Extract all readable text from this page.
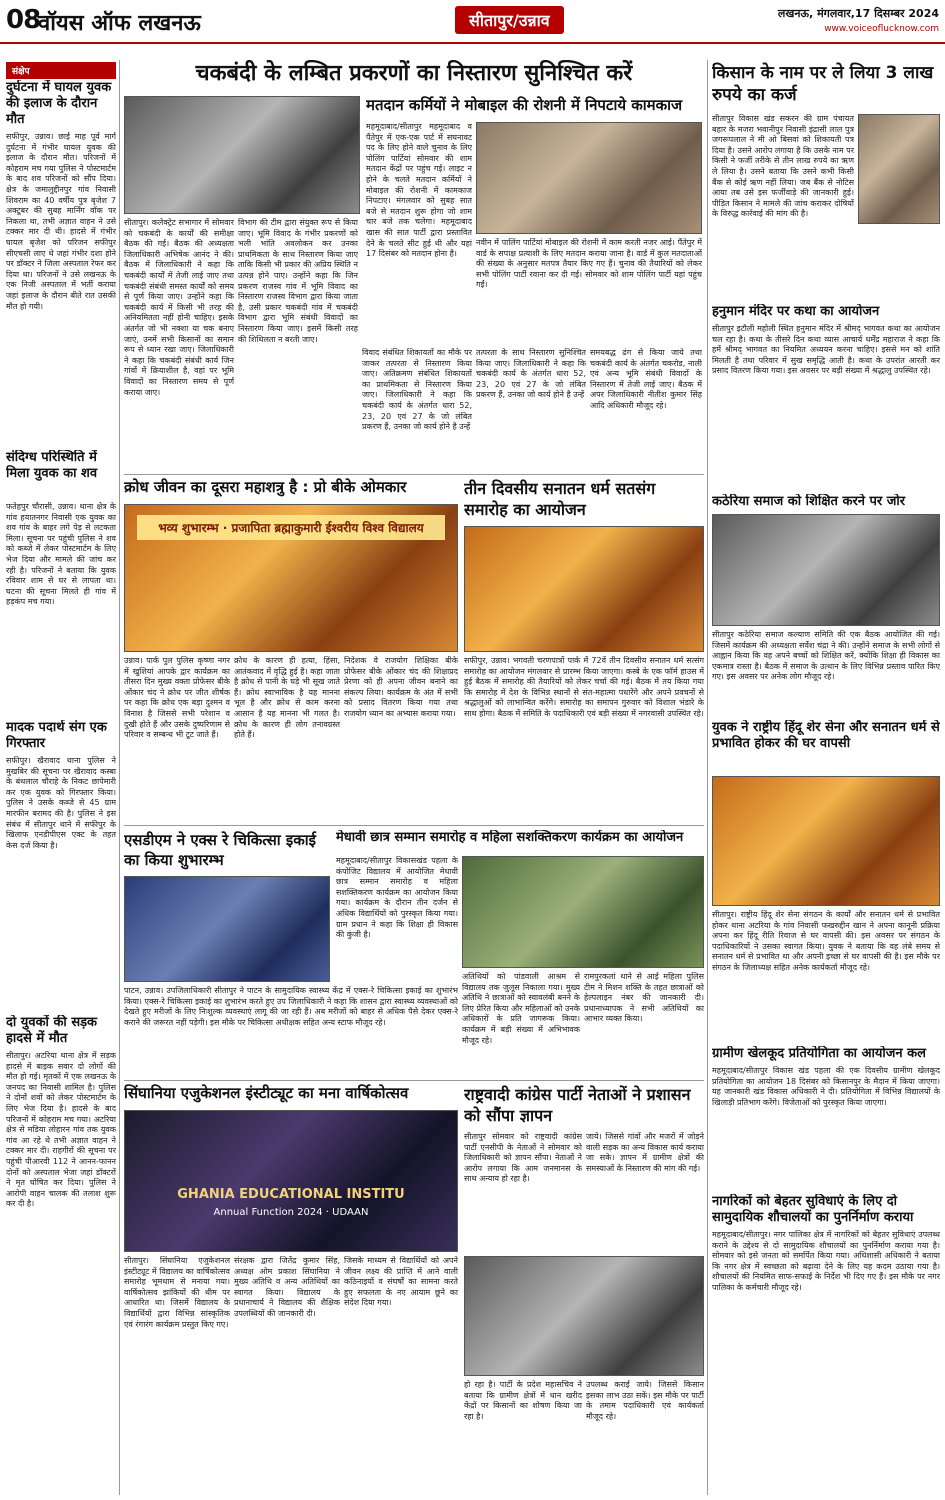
08
वॉयस ऑफ लखनऊ	सीतापुर/उन्नाव	लखनऊ, मंगलवार,17 दिसम्बर 2024
www.voiceoflucknow.com
संक्षेप
दुर्घटना में घायल युवक की इलाज के दौरान मौत
सफीपुर, उन्नाव। छाई माह पूर्व मार्ग दुर्घटना में गंभीर घायल युवक की इलाज के दौरान मौत। परिजनों में कोहराम मच गया पुलिस ने पोस्टमार्टम के बाद शव परिजनों को सौंप दिया। क्षेत्र के जमालुद्दीनपुर गांव निवासी शिवराम का 40 वर्षीय पुत्र बृजेश 7 अक्टूबर की सुबह मार्निंग वॉक पर निकला था, तभी अज्ञात वाहन ने उसे टक्कर मार दी थी। हादसे में गंभीर घायल बृजेश को परिजन सफीपुर सीएचसी लाए थे जहां गंभीर दशा होने पर डॉक्टर ने जिला अस्पताल रेफर कर दिया था। परिजनों ने उसे लखनऊ के एक निजी अस्पताल में भर्ती कराया जहां इलाज के दौरान बीते रात उसकी मौत हो गयी।
संदिग्ध परिस्थिति में मिला युवक का शव
फतेहपुर चौरासी, उन्नाव। थाना क्षेत्र के गांव हयातनगर निवासी एक युवक का शव गांव के बाहर लगे पेड़ से लटकता मिला। सूचना पर पहुंची पुलिस ने शव को कब्जे में लेकर पोस्टमार्टम के लिए भेज दिया और मामले की जांच कर रही है। परिजनों ने बताया कि युवक रविवार शाम से घर से लापता था। घटना की सूचना मिलते ही गांव में हड़कंप मच गया।
मादक पदार्थ संग एक गिरफ्तार
सफीपुर। खैरावाद थाना पुलिस ने मुखबिर की सूचना पर खैरावाद कस्बा के बंथलाल चौराहे के निकट छापेमारी कर एक युवक को गिरफ्तार किया। पुलिस ने उसके कब्जे से 45 ग्राम मारफीन बरामद की है। पुलिस ने इस संबंध में सीतापुर थाने में सफीपुर के खिलाफ एनडीपीएस एक्ट के तहत केस दर्ज किया है।
दो युवकों की सड़क हादसे में मौत
सीतापुर। अटरिया थाना क्षेत्र में सड़क हादसे में बाइक सवार दो लोगों की मौत हो गई। मृतकों में एक लखनऊ के जनपद का निवासी शामिल है। पुलिस ने दोनों शवों को लेकर पोस्टमार्टम के लिए भेज दिया है। हादसे के बाद परिजनों में कोहराम मच गया। अटरिया क्षेत्र से मडिया लोहारन गांव तक युवक गांव आ रहे थे तभी अज्ञात वाहन ने टक्कर मार दी। राहगीरों की सूचना पर पहुंची पीआरवी 112 ने आनन-फानन दोनों को अस्पताल भेजा जहां डॉक्टरों ने मृत घोषित कर दिया। पुलिस ने आरोपी वाहन चालक की तलाश शुरू कर दी है।
चकबंदी के लम्बित प्रकरणों का निस्तारण सुनिश्चित करें
सीतापुर। कलेक्ट्रेट सभागार में सोमवार को चकबंदी के कार्यों की समीक्षा बैठक की गई। बैठक की अध्यक्षता जिलाधिकारी अभिषेक आनंद ने की। बैठक में जिलाधिकारी ने कहा कि चकबंदी कार्यों में तेजी लाई जाए तथा चकबंदी संबंधी समस्त कार्यों को समय से पूर्ण किया जाए। उन्होंने कहा कि चकबंदी कार्य में किसी भी तरह की अनियमितता नहीं होनी चाहिए। इसके अंतर्गत जो भी नक्शा या चक बनाए जाएं, उनमें सभी किसानों का समान रूप से ध्यान रखा जाए। जिलाधिकारी ने कहा कि चकबंदी संबंधी कार्य जिन गांवों में क्रियाशील है, वहां पर भूमि विवादों का निस्तारण समय से पूर्ण कराया जाए।
विभाग की टीम द्वारा संयुक्त रूप से किया जाए। भूमि विवाद के गंभीर प्रकरणों को भली भांति अवलोकन कर उनका प्राथमिकता के साथ निस्तारण किया जाए ताकि किसी भी प्रकार की अप्रिय स्थिति न उत्पन्न होने पाए। उन्होंने कहा कि जिन प्रकरण राजस्व गांव में भूमि विवाद का निस्तारण राजस्व विभाग द्वारा किया जाता है, उसी प्रकार चकबंदी गांव में चकबंदी विभाग द्वारा भूमि संबंधी विवादों का निस्तारण किया जाए। इसमें किसी तरह की शिथिलता न बरती जाए।
मतदान कर्मियों ने मोबाइल की रोशनी में निपटाये कामकाज
महमूदाबाद/सीतापुर महमूदाबाद व पैंतेपुर में एक-एक पार्ट में सघनावट पद के लिए होने वाले चुनाव के लिए पोलिंग पार्टियां सोमवार की शाम मतदान केंद्रों पर पहुंच गई। लाइट न होने के चलते मतदान कर्मियों ने मोबाइल की रोशनी में कामकाज निपटाए। मंगलवार को सुबह सात बजे से मतदान शुरू होगा जो शाम चार बजे तक चलेगा। महमूदाबाद खास की सात पार्टी द्वारा प्रस्तावित देने के चलते सीट हुई थी और यहां 17 दिसंबर को मतदान होना है।
नवीन में पालिंग पार्टियां मोबाइल की रोशनी में काम करती नजर आई। पैंतेपुर में वार्ड के सपाक्ष प्रत्याशी के लिए मतदान कराया जाना है। वार्ड में कुल मतदाताओं की संख्या के अनुसार मतपत्र तैयार किए गए हैं। चुनाव की तैयारियों को लेकर सभी पोलिंग पार्टी रवाना कर दी गई। सोमवार को शाम पोलिंग पार्टी यहां पहुंच गईं।
विवाद संबंधित शिकायतों का मौके पर जाकर तत्परता से निस्तारण किया जाए। अतिक्रमण संबंधित शिकायतों का प्राथमिकता से निस्तारण किया जाए। जिलाधिकारी ने कहा कि चकबंदी कार्य के अंतर्गत धारा 52, 23, 20 एवं 27 के जो लंबित प्रकरण हैं, उनका जो कार्य होने है उन्हें
तत्परता के साथ निस्तारण सुनिश्चित किया जाए। जिलाधिकारी ने कहा कि चकबंदी कार्य के अंतर्गत धारा 52, 23, 20 एवं 27 के जो लंबित प्रकरण हैं, उनका जो कार्य होने है उन्हें
समयबद्ध ढंग से किया जाये तथा चकबंदी कार्य के अंतर्गत चकरोड, नाली एवं अन्य भूमि संबंधी विवादों के निस्तारण में तेजी लाई जाए। बैठक में अपर जिलाधिकारी नीतीश कुमार सिंह आदि अधिकारी मौजूद रहे।
क्रोध जीवन का दूसरा महाशत्रु है : प्रो बीके ओमकार
भव्य शुभारम्भ · प्रजापिता ब्रह्माकुमारी ईश्वरीय विश्व विद्यालय
उन्नाव। पार्क पुल पुलिस कृष्णा नगर में खुशियां आपके द्वार कार्यक्रम का तीसरा दिन मुख्य वक्ता प्रोफेसर बीके ओंकार चंद ने क्रोध पर जीत शीर्षक पर कहा कि क्रोध एक बड़ा दुश्मन व विनाश है जिससे सभी परेशान व दुखी होते हैं और उसके दुष्परिणाम से परिवार व सम्बन्ध भी टूट जाते हैं।
क्रोध के कारण ही हत्या, हिंसा, आतंकवाद में वृद्धि हुई है। कहा जाता है क्रोध से पानी के घड़े भी सूख जाते हैं। क्रोध स्वाभाविक है यह मानना भूल है और क्रोध से काम करना आसान है यह मानना भी गलत है। क्रोध के कारण ही लोग तनावग्रस्त होते हैं।
निदेशक वे राजयोग शिक्षिका बीके प्रोफेसर बीके ओंकार चंद की शिक्षाप्रद प्रेरणा को ही अपना जीवन बनाने का संकल्प लिया। कार्यक्रम के अंत में सभी को प्रसाद वितरण किया गया तथा राजयोग ध्यान का अभ्यास कराया गया।
तीन दिवसीय सनातन धर्म सतसंग समारोह का आयोजन
सफीपुर, उन्नाव। भगवती चरणपात्रों पार्क में 72वें तीन दिवसीय सनातन धर्म सत्संग समारोह का आयोजन मंगलवार से प्रारम्भ किया जाएगा। कस्बे के एक फॉर्म हाउस में हुई बैठक में समारोह की तैयारियों को लेकर चर्चा की गई। बैठक में तय किया गया कि समारोह में देश के विभिन्न स्थानों से संत-महात्मा पधारेंगे और अपने प्रवचनों से श्रद्धालुओं को लाभान्वित करेंगे। समारोह का समापन गुरुवार को विशाल भंडारे के साथ होगा। बैठक में समिति के पदाधिकारी एवं बड़ी संख्या में नगरवासी उपस्थित रहे।
एसडीएम ने एक्स रे चिकित्सा इकाई का किया शुभारम्भ
पाटन, उन्नाव। उपजिलाधिकारी सीतापुर ने पाटन के सामुदायिक स्वास्थ्य केंद्र में एक्स-रे चिकित्सा इकाई का शुभारंभ किया। एक्स-रे चिकित्सा इकाई का शुभारंभ करते हुए उप जिलाधिकारी ने कहा कि शासन द्वारा स्वास्थ्य व्यवस्थाओं को देखते हुए मरीजों के लिए निःशुल्क व्यवस्थाएं लागू की जा रही हैं। अब मरीजों को बाहर से अधिक पैसे देकर एक्स-रे कराने की जरूरत नहीं पड़ेगी। इस मौके पर चिकित्सा अधीक्षक सहित अन्य स्टाफ मौजूद रहे।
मेधावी छात्र सम्मान समारोह व महिला सशक्तिकरण कार्यक्रम का आयोजन
महमूदाबाद/सीतापुर विकासखंड पहला के कंपोजिट विद्यालय में आयोजित मेधावी छात्र सम्मान समारोह व महिला सशक्तिकरण कार्यक्रम का आयोजन किया गया। कार्यक्रम के दौरान तीन दर्जन से अधिक विद्यार्थियों को पुरस्कृत किया गया। ग्राम प्रधान ने कहा कि शिक्षा ही विकास की कुंजी है।
अतिथियों को पांडवाली आश्रम से विद्यालय तक जुलूस निकाला गया। मुख्य अतिथि ने छात्राओं को स्वावलंबी बनने के लिए प्रेरित किया और महिलाओं को उनके अधिकारों के प्रति जागरूक किया। कार्यक्रम में बड़ी संख्या में अभिभावक मौजूद रहे।
रामपुरकलां थाने से आई महिला पुलिस टीम ने मिशन शक्ति के तहत छात्राओं को हेल्पलाइन नंबर की जानकारी दी। प्रधानाध्यापक ने सभी अतिथियों का आभार व्यक्त किया।
सिंघानिया एजुकेशनल इंस्टीट्यूट का मना वार्षिकोत्सव
GHANIA EDUCATIONAL INSTITU
Annual Function 2024 · UDAAN
सीतापुर। सिंघानिया एजुकेशनल इंस्टीट्यूट में विद्यालय का वार्षिकोत्सव समारोह भूमधाम से मनाया गया। वार्षिकोत्सव झांकियों की थीम पर आधारित था। जिसमें विद्यालय के विद्यार्थियों द्वारा विभिन्न सांस्कृतिक एवं रंगारंग कार्यक्रम प्रस्तुत किए गए।
संरक्षक द्वारा जितेंद्र कुमार सिंह, अध्यक्ष ओम प्रकाश सिंघानिया ने मुख्य अतिथि व अन्य अतिथियों का स्वागत किया। विद्यालय के प्रधानाचार्य ने विद्यालय की शैक्षिक उपलब्धियों की जानकारी दी।
जिसके माध्यम से विद्यार्थियों को अपने जीवन लक्ष्य की प्राप्ति में आने वाली कठिनाइयों व संघर्षों का सामना करते हुए सफलता के नए आयाम छूने का संदेश दिया गया।
राष्ट्रवादी कांग्रेस पार्टी नेताओं ने प्रशासन को सौंपा ज्ञापन
सीतापुर सोमवार को राष्ट्रवादी कांग्रेस पार्टी एनसीपी के नेताओं ने सोमवार को जिलाधिकारी को ज्ञापन सौंपा। नेताओं ने आरोप लगाया कि आम जनमानस के साथ अन्याय हो रहा है।
जाये। जिससे गांवों और मजरों में जोड़ने वाली सड़क का अन्य विकास कार्य कराया जा सके। ज्ञापन में ग्रामीण क्षेत्रों की समस्याओं के निस्तारण की मांग की गई।
हो रहा है। पार्टी के प्रदेश महासचिव ने बताया कि ग्रामीण क्षेत्रों में धान खरीद केंद्रों पर किसानों का शोषण किया जा रहा है।
उपलब्ध कराई जाये। जिससे किसान इसका लाभ उठा सकें। इस मौके पर पार्टी के तमाम पदाधिकारी एवं कार्यकर्ता मौजूद रहे।
किसान के नाम पर ले लिया 3 लाख रुपये का कर्ज
सीतापुर विकास खंड सकरन की ग्राम पंचायत बहार के मजरा भवानीपुर निवासी इंद्रासी लाल पुत्र जगरूपलाल ने मी ओ बिसवां को शिकायती पत्र दिया है। उसने आरोप लगाया है कि उसके नाम पर किसी ने फर्जी तरीके से तीन लाख रुपये का ऋण ले लिया है। उसने बताया कि उसने कभी किसी बैंक से कोई ऋण नहीं लिया। जब बैंक से नोटिस आया तब उसे इस फर्जीवाड़े की जानकारी हुई। पीड़ित किसान ने मामले की जांच कराकर दोषियों के विरुद्ध कार्रवाई की मांग की है।
हनुमान मंदिर पर कथा का आयोजन
सीतापुर इटौली महोली स्थित हनुमान मंदिर में श्रीमद् भागवत कथा का आयोजन चल रहा है। कथा के तीसरे दिन कथा व्यास आचार्य धर्मेंद्र महाराज ने कहा कि हमें श्रीमद् भागवत का नियमित अध्ययन करना चाहिए। इससे मन को शांति मिलती है तथा परिवार में सुख समृद्धि आती है। कथा के उपरांत आरती कर प्रसाद वितरण किया गया। इस अवसर पर बड़ी संख्या में श्रद्धालु उपस्थित रहे।
कठेरिया समाज को शिक्षित करने पर जोर
सीतापुर कठेरिया समाज कल्याण समिति की एक बैठक आयोजित की गई। जिसमें कार्यक्रम की अध्यक्षता सर्वेश चंद्रा ने की। उन्होंने समाज के सभी लोगों से आह्वान किया कि वह अपने बच्चों को शिक्षित करें, क्योंकि शिक्षा ही विकास का एकमात्र रास्ता है। बैठक में समाज के उत्थान के लिए विभिन्न प्रस्ताव पारित किए गए। इस अवसर पर अनेक लोग मौजूद रहे।
युवक ने राष्ट्रीय हिंदू शेर सेना और सनातन धर्म से प्रभावित होकर की घर वापसी
सीतापुर। राष्ट्रीय हिंदू शेर सेना संगठन के कार्यों और सनातन धर्म से प्रभावित होकर थाना अटरिया के गांव निवासी फखरुद्दीन खान ने अपना कानूनी प्रक्रिया अपना कर हिंदू रीति रिवाज से घर वापसी की। इस अवसर पर संगठन के पदाधिकारियों ने उसका स्वागत किया। युवक ने बताया कि वह लंबे समय से सनातन धर्म से प्रभावित था और अपनी इच्छा से घर वापसी की है। इस मौके पर संगठन के जिलाध्यक्ष सहित अनेक कार्यकर्ता मौजूद रहे।
ग्रामीण खेलकूद प्रतियोगिता का आयोजन कल
महमूदाबाद/सीतापुर विकास खंड पहला की एक दिवसीय ग्रामीण खेलकूद प्रतियोगिता का आयोजन 18 दिसंबर को किसानपुर के मैदान में किया जाएगा। यह जानकारी खंड विकास अधिकारी ने दी। प्रतियोगिता में विभिन्न विद्यालयों के खिलाड़ी प्रतिभाग करेंगे। विजेताओं को पुरस्कृत किया जाएगा।
नागरिकों को बेहतर सुविधाएं के लिए दो सामुदायिक शौचालयों का पुनर्निर्माण कराया
महमूदाबाद/सीतापुर। नगर पालिका क्षेत्र में नागरिकों को बेहतर सुविधाएं उपलब्ध कराने के उद्देश्य से दो सामुदायिक शौचालयों का पुनर्निर्माण कराया गया है। सोमवार को इसे जनता को समर्पित किया गया। अधिशासी अधिकारी ने बताया कि नगर क्षेत्र में स्वच्छता को बढ़ावा देने के लिए यह कदम उठाया गया है। शौचालयों की नियमित साफ-सफाई के निर्देश भी दिए गए हैं। इस मौके पर नगर पालिका के कर्मचारी मौजूद रहे।
